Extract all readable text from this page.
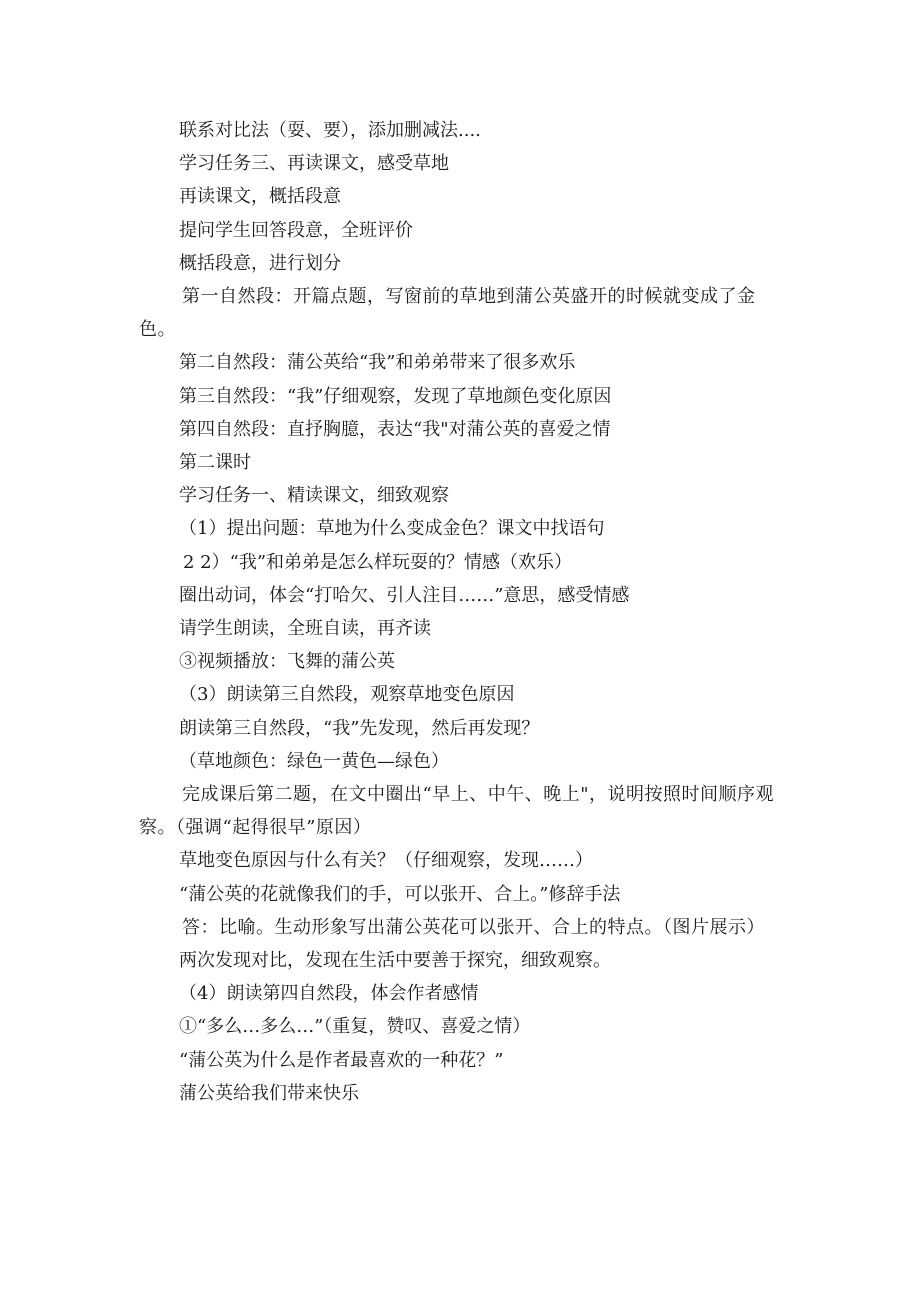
联系对比法（耍、要），添加删减法....

学习任务三、再读课文，感受草地

再读课文，概括段意

提问学生回答段意，全班评价

概括段意，进行划分

第一自然段：开篇点题，写窗前的草地到蒲公英盛开的时候就变成了金色。

第二自然段：蒲公英给“我”和弟弟带来了很多欢乐

第三自然段：“我”仔细观察，发现了草地颜色变化原因

第四自然段：直抒胸臆，表达“我"对蒲公英的喜爱之情

第二课时

学习任务一、精读课文，细致观察

（1）提出问题：草地为什么变成金色？课文中找语句

2 2）“我”和弟弟是怎么样玩耍的？情感（欢乐）

圈出动词，体会“打哈欠、引人注目……”意思，感受情感

请学生朗读，全班自读，再齐读

③视频播放：飞舞的蒲公英

（3）朗读第三自然段，观察草地变色原因

朗读第三自然段，“我”先发现，然后再发现？

（草地颜色：绿色一黄色—绿色）

完成课后第二题，在文中圈出“早上、中午、晚上"，说明按照时间顺序观察。（强调“起得很早”原因）

草地变色原因与什么有关？（仔细观察，发现……）

“蒲公英的花就像我们的手，可以张开、合上。”修辞手法

答：比喻。生动形象写出蒲公英花可以张开、合上的特点。（图片展示）

两次发现对比，发现在生活中要善于探究，细致观察。

（4）朗读第四自然段，体会作者感情

①“多么…多么…”（重复，赞叹、喜爱之情）

“蒲公英为什么是作者最喜欢的一种花？”

蒲公英给我们带来快乐
